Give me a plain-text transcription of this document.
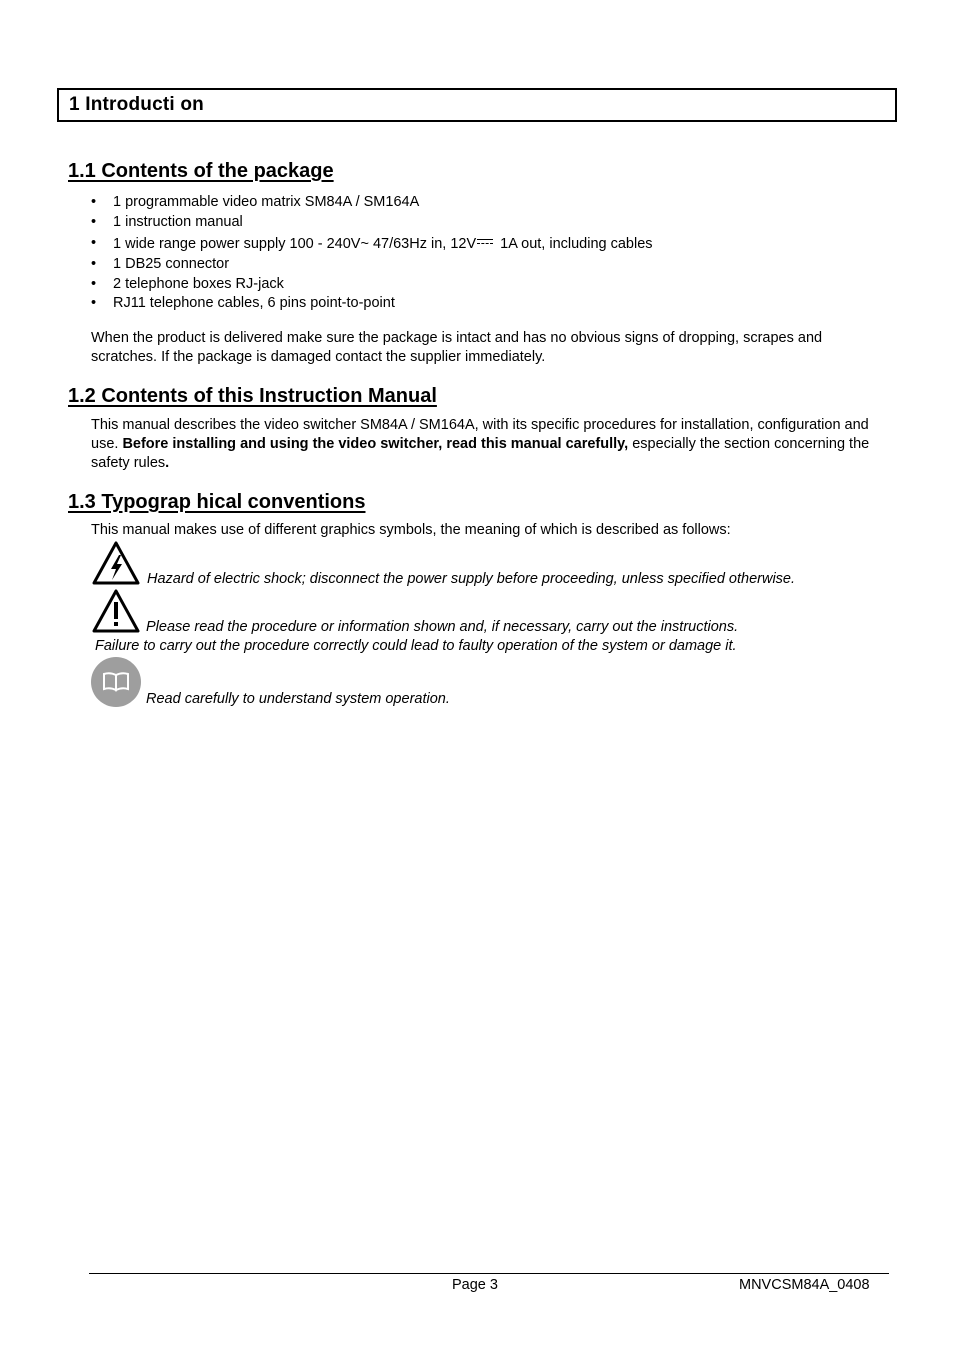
1 Introducti on
1.1 Contents of the package
• 1 programmable video matrix SM84A / SM164A
• 1 instruction manual
• 1 wide range power supply 100 - 240V~ 47/63Hz in, 12V 1A out, including cables
• 1 DB25 connector
• 2 telephone boxes RJ-jack
• RJ11 telephone cables, 6 pins point-to-point
When the product is delivered make sure the package is intact and has no obvious signs of dropping, scrapes and scratches. If the package is damaged contact the supplier immediately.
1.2 Contents of this Instruction Manual
This manual describes the video switcher SM84A / SM164A, with its specific procedures for installation, configuration and use. Before installing and using the video switcher, read this manual carefully, especially the section concerning the safety rules.
1.3 Typograp hical conventions
This manual makes use of different graphics symbols, the meaning of which is described as follows:
Hazard of electric shock; disconnect the power supply before proceeding, unless specified otherwise.
Please read the procedure or information shown and, if necessary, carry out the instructions.
Failure to carry out the procedure correctly could lead to faulty operation of the system or damage it.
Read carefully to understand system operation.
Page 3	MNVCSM84A_0408
